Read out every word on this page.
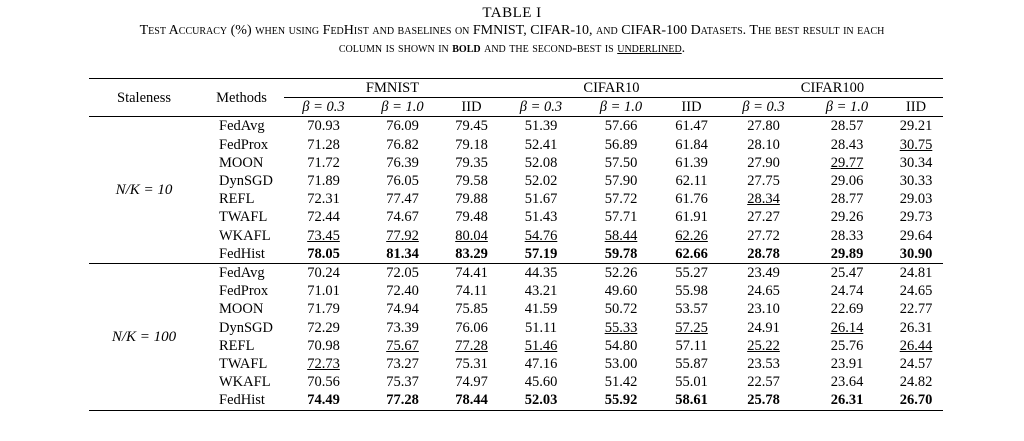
TABLE I
Test Accuracy (%) when using FedHist and baselines on FMNIST, CIFAR-10, and CIFAR-100 Datasets. The best result in each
column is shown in bold and the second-best is underlined.
Staleness	Methods	FMNIST			CIFAR10			CIFAR100		
		β = 0.3	β = 1.0	IID	β = 0.3	β = 1.0	IID	β = 0.3	β = 1.0	IID
N/K = 10	FedAvg	70.93	76.09	79.45	51.39	57.66	61.47	27.80	28.57	29.21
	FedProx	71.28	76.82	79.18	52.41	56.89	61.84	28.10	28.43	30.75
	MOON	71.72	76.39	79.35	52.08	57.50	61.39	27.90	29.77	30.34
	DynSGD	71.89	76.05	79.58	52.02	57.90	62.11	27.75	29.06	30.33
	REFL	72.31	77.47	79.88	51.67	57.72	61.76	28.34	28.77	29.03
	TWAFL	72.44	74.67	79.48	51.43	57.71	61.91	27.27	29.26	29.73
	WKAFL	73.45	77.92	80.04	54.76	58.44	62.26	27.72	28.33	29.64
	FedHist	78.05	81.34	83.29	57.19	59.78	62.66	28.78	29.89	30.90
N/K = 100	FedAvg	70.24	72.05	74.41	44.35	52.26	55.27	23.49	25.47	24.81
	FedProx	71.01	72.40	74.11	43.21	49.60	55.98	24.65	24.74	24.65
	MOON	71.79	74.94	75.85	41.59	50.72	53.57	23.10	22.69	22.77
	DynSGD	72.29	73.39	76.06	51.11	55.33	57.25	24.91	26.14	26.31
	REFL	70.98	75.67	77.28	51.46	54.80	57.11	25.22	25.76	26.44
	TWAFL	72.73	73.27	75.31	47.16	53.00	55.87	23.53	23.91	24.57
	WKAFL	70.56	75.37	74.97	45.60	51.42	55.01	22.57	23.64	24.82
	FedHist	74.49	77.28	78.44	52.03	55.92	58.61	25.78	26.31	26.70
